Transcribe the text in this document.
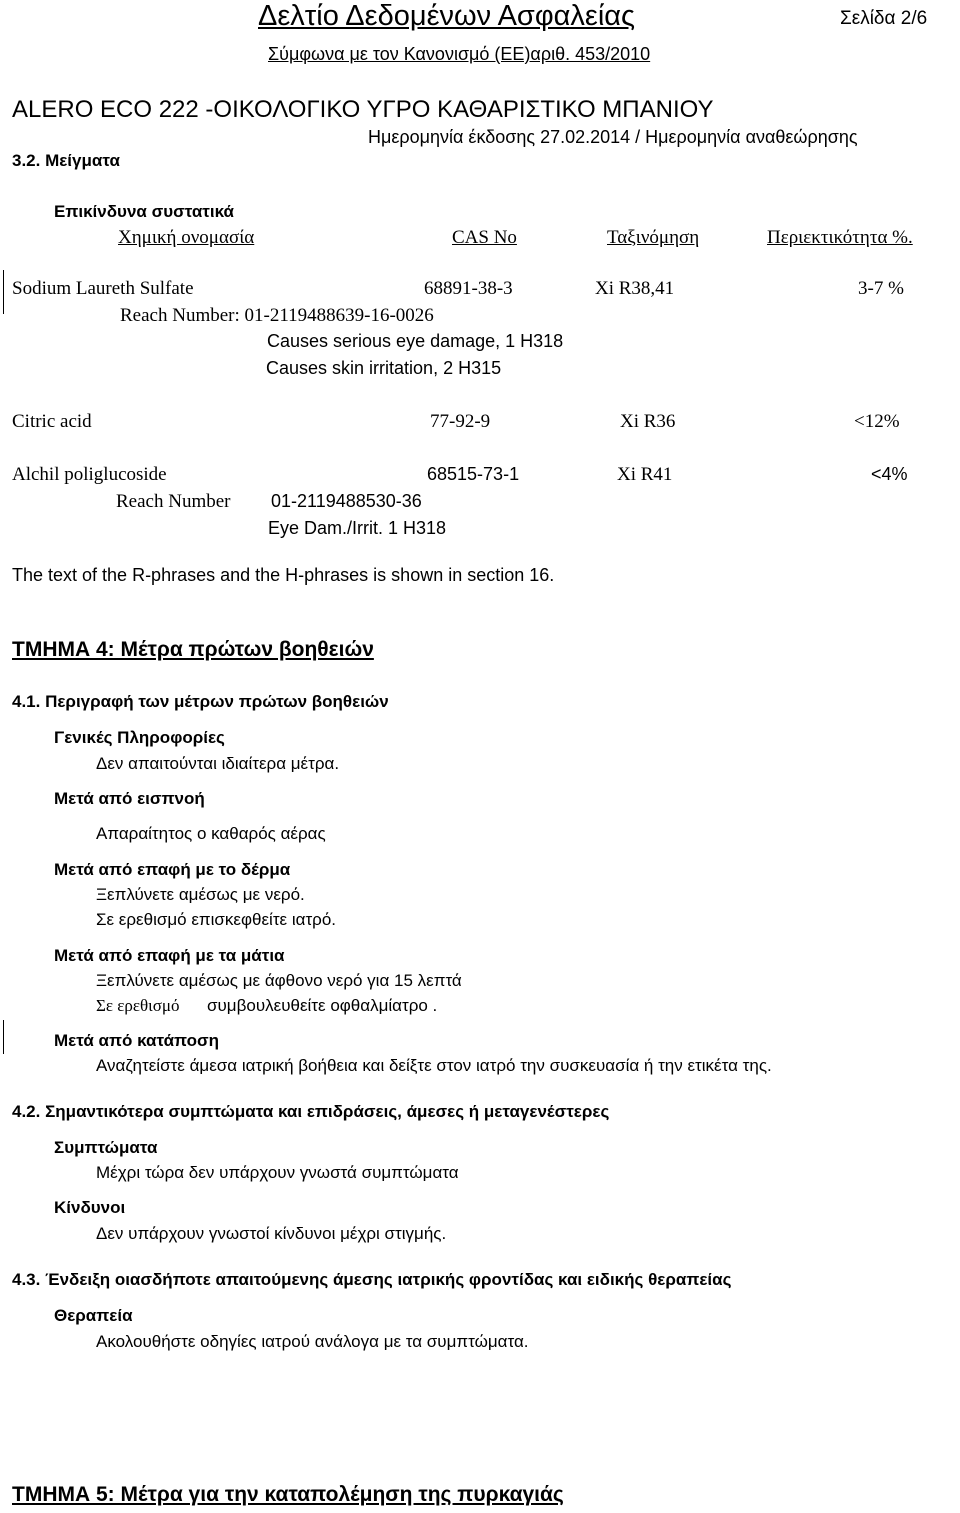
Δελτίο Δεδομένων Ασφαλείας	Σελίδα 2/6
Σύμφωνα με τον Κανονισμό (ΕΕ)αριθ. 453/2010
ALERO ECO 222 -ΟΙΚΟΛΟΓΙΚΟ ΥΓΡΟ ΚΑΘΑΡΙΣΤΙΚΟ ΜΠΑΝΙΟΥ
Ημερομηνία έκδοσης 27.02.2014 / Ημερομηνία αναθεώρησης
3.2. Μείγματα
Επικίνδυνα συστατικά
Χημική ονομασία	CAS No	Ταξινόμηση	Περιεκτικότητα %.
Sodium Laureth Sulfate	68891-38-3	Xi R38,41	3-7 %
Reach Number: 01-2119488639-16-0026
Causes serious eye damage, 1 H318
Causes skin irritation, 2 H315
Citric acid	77-92-9	Xi R36	<12%
Alchil poliglucoside	68515-73-1	Xi R41	<4%
Reach Number 01-2119488530-36
Eye Dam./Irrit. 1 H318
The text of the R-phrases and the H-phrases is shown in section 16.
ΤΜΗΜΑ 4: Μέτρα πρώτων βοηθειών
4.1. Περιγραφή των μέτρων πρώτων βοηθειών
Γενικές Πληροφορίες
Δεν απαιτούνται ιδιαίτερα μέτρα.
Μετά από εισπνοή
Απαραίτητος ο καθαρός αέρας
Μετά από επαφή με το δέρμα
Ξεπλύνετε αμέσως με νερό.
Σε ερεθισμό επισκεφθείτε ιατρό.
Μετά από επαφή με τα μάτια
Ξεπλύνετε αμέσως με άφθονο νερό για 15 λεπτά
Σε ερεθισμό συμβουλευθείτε οφθαλμίατρο .
Μετά από κατάποση
Αναζητείστε άμεσα ιατρική βοήθεια και δείξτε στον ιατρό την συσκευασία ή την ετικέτα της.
4.2. Σημαντικότερα συμπτώματα και επιδράσεις, άμεσες ή μεταγενέστερες
Συμπτώματα
Μέχρι τώρα δεν υπάρχουν γνωστά συμπτώματα
Κίνδυνοι
Δεν υπάρχουν γνωστοί κίνδυνοι μέχρι στιγμής.
4.3. Ένδειξη οιασδήποτε απαιτούμενης άμεσης ιατρικής φροντίδας και ειδικής θεραπείας
Θεραπεία
Ακολουθήστε οδηγίες ιατρού ανάλογα με τα συμπτώματα.
ΤΜΗΜΑ 5: Μέτρα για την καταπολέμηση της πυρκαγιάς
